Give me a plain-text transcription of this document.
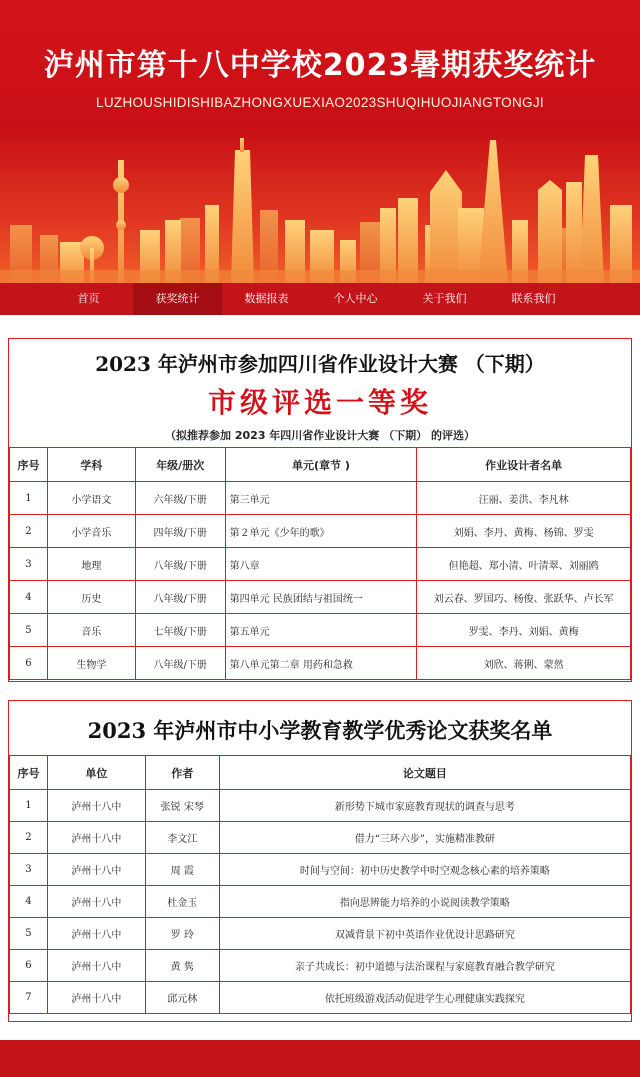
泸州市第十八中学校2023暑期获奖统计
LUZHOUSHIDISHIBAZHONGXUEXIAO2023SHUQIHUOJIANGTONGJI
首页	获奖统计	数据报表	个人中心	关于我们	联系我们
2023 年泸州市参加四川省作业设计大赛 （下期）
市级评选一等奖
（拟推荐参加 2023 年四川省作业设计大赛 （下期） 的评选）
序号	学科	年级/册次	单元(章节 )	作业设计者名单
1	小学语文	六年级/下册	第三单元	汪丽、姜洪、李凡林
2	小学音乐	四年级/下册	第２单元《少年的歌》	刘娟、李丹、黄梅、杨锦、罗雯
3	地理	八年级/下册	第八章	但艳超、郑小清、叶清翠、刘丽鸥
4	历史	八年级/下册	第四单元 民族团结与祖国统一	刘云春、罗国巧、杨俊、张跃华、卢长军
5	音乐	七年级/下册	第五单元	罗雯、李丹、刘娟、黄梅
6	生物学	八年级/下册	第八单元第二章 用药和急救	刘欣、蒋俐、蒙然
2023 年泸州市中小学教育教学优秀论文获奖名单
序号	单位	作者	论文题目
1	泸州十八中	张锐 宋琴	新形势下城市家庭教育现状的调查与思考
2	泸州十八中	李文江	借力“三环六步”，实施精准教研
3	泸州十八中	周 霞	时间与空间：初中历史教学中时空观念核心素的培养策略
4	泸州十八中	杜金玉	指向思辨能力培养的小说阅读教学策略
5	泸州十八中	罗 玲	双减背景下初中英语作业优设计思路研究
6	泸州十八中	黄 隽	亲子共成长：初中道德与法治课程与家庭教育融合教学研究
7	泸州十八中	邱元林	依托班级游戏活动促进学生心理健康实践探究
